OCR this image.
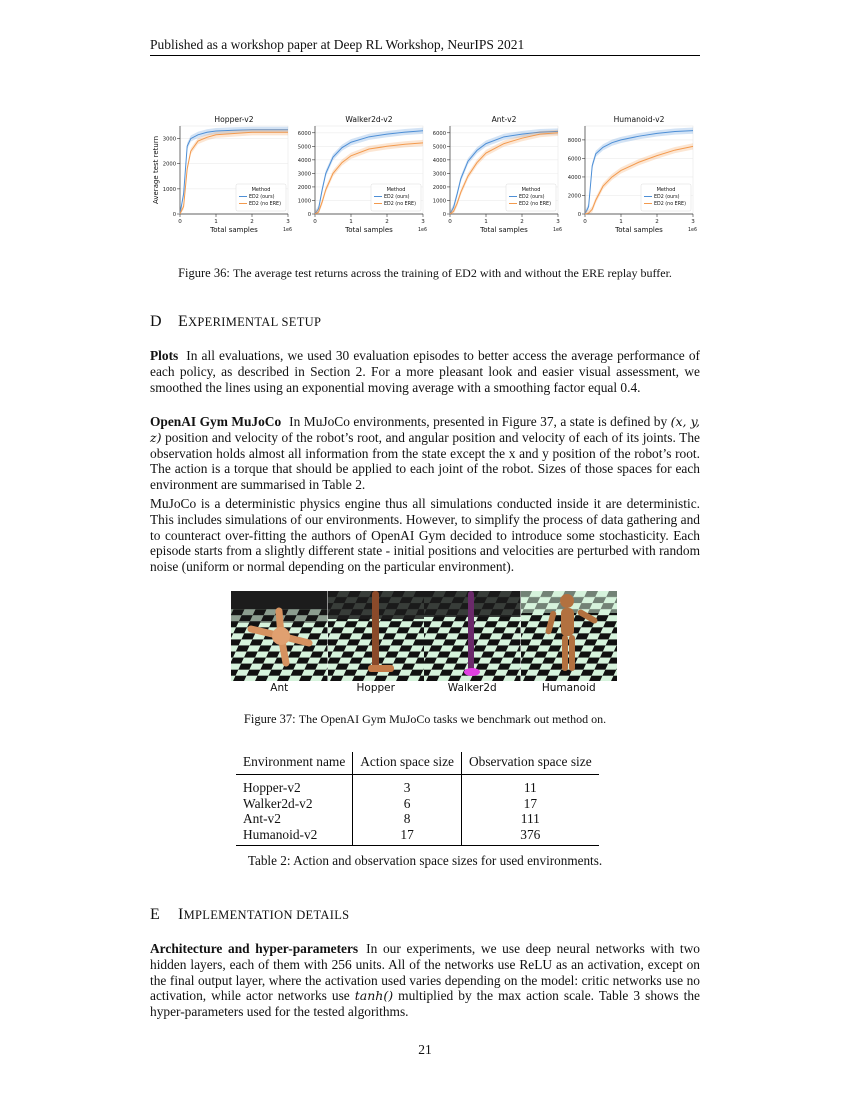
Published as a workshop paper at Deep RL Workshop, NeurIPS 2021
0
1000
2000
3000
0	1	2	3
Hopper-v2
Total samples	1e6
Average test return	Method
ED2 (ours)
ED2 (no ERE)
0
1000
2000
3000
4000
5000
6000
0	1	2	3
Walker2d-v2
Total samples	1e6
Method
ED2 (ours)
ED2 (no ERE)
0
1000
2000
3000
4000
5000
6000
0	1	2	3
Ant-v2
Total samples	1e6
Method
ED2 (ours)
ED2 (no ERE)
0
2000
4000
6000
8000
0	1	2	3
Humanoid-v2
Total samples	1e6
Method
ED2 (ours)
ED2 (no ERE)
Figure 36: The average test returns across the training of ED2 with and without the ERE replay buffer.
D EXPERIMENTAL SETUP
Plots In all evaluations, we used 30 evaluation episodes to better access the average performance of each policy, as described in Section 2. For a more pleasant look and easier visual assessment, we smoothed the lines using an exponential moving average with a smoothing factor equal 0.4.
OpenAI Gym MuJoCo In MuJoCo environments, presented in Figure 37, a state is defined by (x, y, z) position and velocity of the robot’s root, and angular position and velocity of each of its joints. The observation holds almost all information from the state except the x and y position of the robot’s root. The action is a torque that should be applied to each joint of the robot. Sizes of those spaces for each environment are summarised in Table 2.
MuJoCo is a deterministic physics engine thus all simulations conducted inside it are deterministic. This includes simulations of our environments. However, to simplify the process of data gathering and to counteract over-fitting the authors of OpenAI Gym decided to introduce some stochasticity. Each episode starts from a slightly different state - initial positions and velocities are perturbed with random noise (uniform or normal depending on the particular environment).
Ant	Hopper	Walker2d	Humanoid
Figure 37: The OpenAI Gym MuJoCo tasks we benchmark out method on.
Environment name	Action space size	Observation space size
Hopper-v2	3	11
Walker2d-v2	6	17
Ant-v2	8	111
Humanoid-v2	17	376
Table 2: Action and observation space sizes for used environments.
E IMPLEMENTATION DETAILS
Architecture and hyper-parameters In our experiments, we use deep neural networks with two hidden layers, each of them with 256 units. All of the networks use ReLU as an activation, except on the final output layer, where the activation used varies depending on the model: critic networks use no activation, while actor networks use tanh() multiplied by the max action scale. Table 3 shows the hyper-parameters used for the tested algorithms.
21
